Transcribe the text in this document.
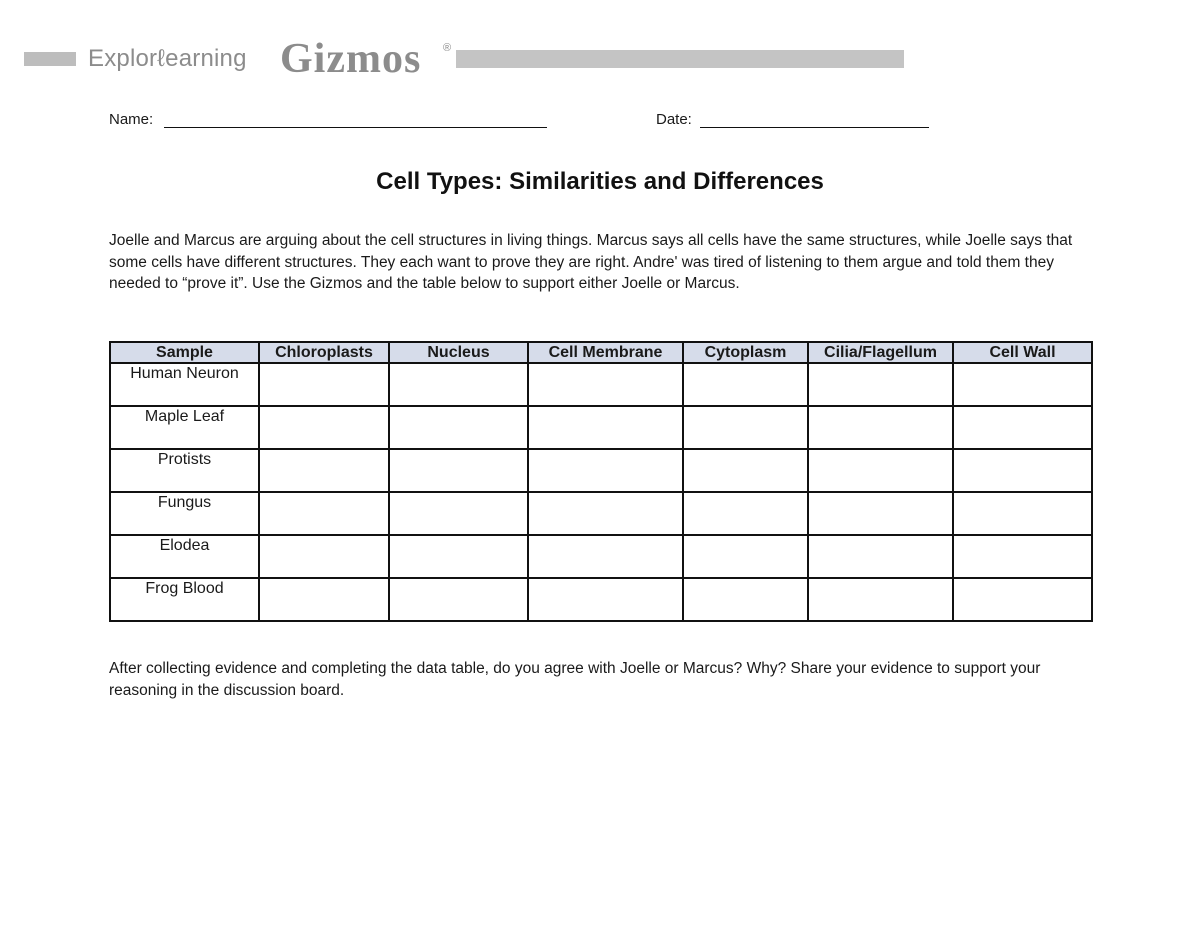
Explorℓearning Gizmos ®
Name:	Date:
Cell Types: Similarities and Differences
Joelle and Marcus are arguing about the cell structures in living things. Marcus says all cells have the same structures, while Joelle says that some cells have different structures. They each want to prove they are right. Andre' was tired of listening to them argue and told them they needed to “prove it”. Use the Gizmos and the table below to support either Joelle or Marcus.
Sample	Chloroplasts	Nucleus	Cell Membrane	Cytoplasm	Cilia/Flagellum	Cell Wall
Human Neuron						
Maple Leaf						
Protists						
Fungus						
Elodea						
Frog Blood						
After collecting evidence and completing the data table, do you agree with Joelle or Marcus? Why? Share your evidence to support your reasoning in the discussion board.
